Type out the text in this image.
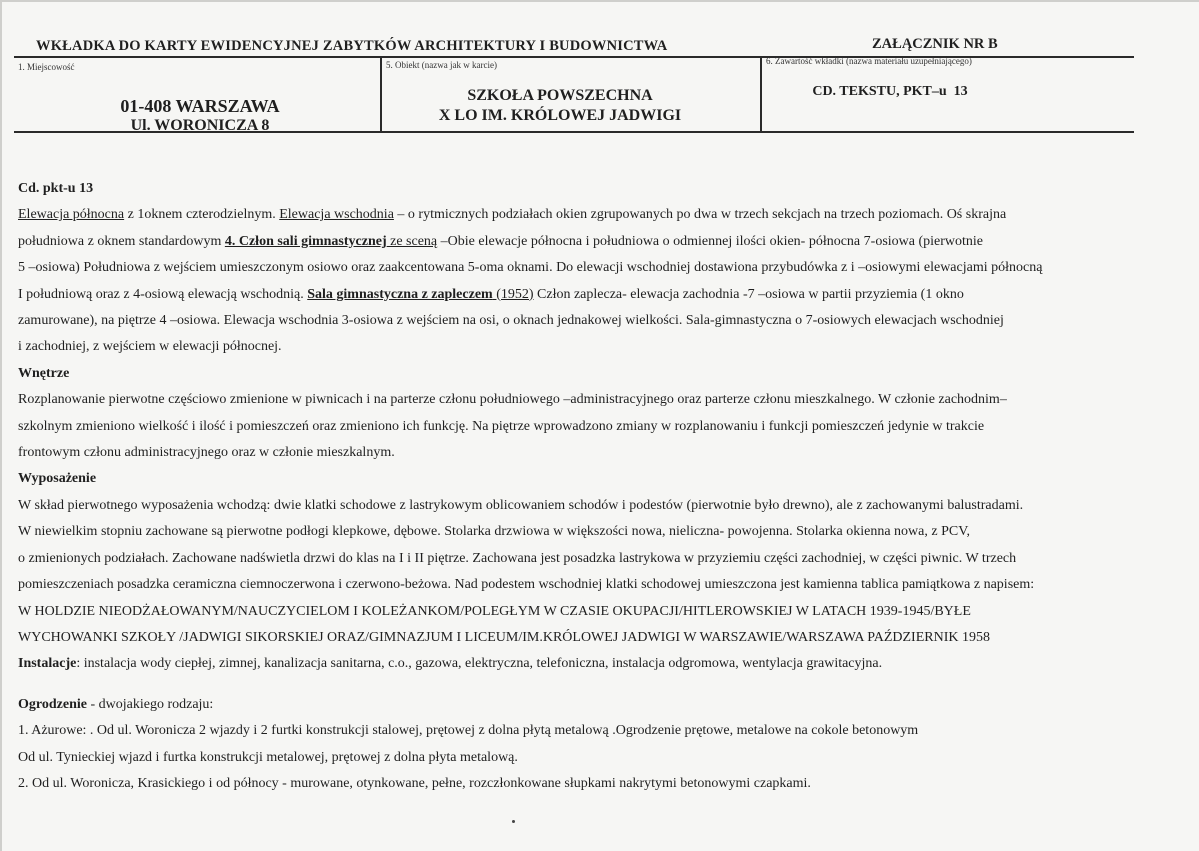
WKŁADKA DO KARTY EWIDENCYJNEJ ZABYTKÓW ARCHITEKTURY I BUDOWNICTWA	ZAŁĄCZNIK NR B
1. Miejscowość
01-408 WARSZAWA
Ul. WORONICZA 8
5. Obiekt (nazwa jak w karcie)
SZKOŁA POWSZECHNA
X LO IM. KRÓLOWEJ JADWIGI
6. Zawartość wkładki (nazwa materiału uzupełniającego)
CD. TEKSTU, PKT–u  13

Cd. pkt-u 13

Elewacja północna z 1oknem czterodzielnym. Elewacja wschodnia – o rytmicznych podziałach okien zgrupowanych po dwa w trzech sekcjach na trzech poziomach. Oś skrajna

południowa z oknem standardowym 4. Człon sali gimnastycznej ze sceną –Obie elewacje północna i południowa o odmiennej ilości okien- północna 7-osiowa (pierwotnie

5 –osiowa) Południowa z wejściem umieszczonym osiowo oraz zaakcentowana 5-oma oknami. Do elewacji wschodniej dostawiona przybudówka z i –osiowymi elewacjami północną

I południową oraz z 4-osiową elewacją wschodnią. Sala gimnastyczna z zapleczem (1952) Człon zaplecza- elewacja zachodnia -7 –osiowa w partii przyziemia (1 okno

zamurowane), na piętrze 4 –osiowa. Elewacja wschodnia 3-osiowa z wejściem na osi, o oknach jednakowej wielkości. Sala-gimnastyczna o 7-osiowych elewacjach wschodniej

i zachodniej, z wejściem w elewacji północnej.

Wnętrze

Rozplanowanie pierwotne częściowo zmienione w piwnicach i na parterze członu południowego –administracyjnego oraz parterze członu mieszkalnego. W członie zachodnim–

szkolnym zmieniono wielkość i ilość i pomieszczeń oraz zmieniono ich funkcję. Na piętrze wprowadzono zmiany w rozplanowaniu i funkcji pomieszczeń jedynie w trakcie

frontowym członu administracyjnego oraz w członie mieszkalnym.

Wyposażenie

W skład pierwotnego wyposażenia wchodzą: dwie klatki schodowe z lastrykowym oblicowaniem schodów i podestów (pierwotnie było drewno), ale z zachowanymi balustradami.

W niewielkim stopniu zachowane są pierwotne podłogi klepkowe, dębowe. Stolarka drzwiowa w większości nowa, nieliczna- powojenna. Stolarka okienna nowa, z PCV,

o zmienionych podziałach. Zachowane nadświetla drzwi do klas na I i II piętrze. Zachowana jest posadzka lastrykowa w przyziemiu części zachodniej, w części piwnic. W trzech

pomieszczeniach posadzka ceramiczna ciemnoczerwona i czerwono-beżowa. Nad podestem wschodniej klatki schodowej umieszczona jest kamienna tablica pamiątkowa z napisem:

W HOLDZIE NIEODŻAŁOWANYM/NAUCZYCIELOM I KOLEŻANKOM/POLEGŁYM W CZASIE OKUPACJI/HITLEROWSKIEJ W LATACH 1939-1945/BYŁE

WYCHOWANKI SZKOŁY /JADWIGI SIKORSKIEJ ORAZ/GIMNAZJUM I LICEUM/IM.KRÓLOWEJ JADWIGI W WARSZAWIE/WARSZAWA PAŹDZIERNIK 1958

Instalacje: instalacja wody ciepłej, zimnej, kanalizacja sanitarna, c.o., gazowa, elektryczna, telefoniczna, instalacja odgromowa, wentylacja grawitacyjna.

Ogrodzenie - dwojakiego rodzaju:

1. Ażurowe: . Od ul. Woronicza 2 wjazdy i 2 furtki konstrukcji stalowej, prętowej z dolna płytą metalową .Ogrodzenie prętowe, metalowe na cokole betonowym

Od ul. Tynieckiej wjazd i furtka konstrukcji metalowej, prętowej z dolna płyta metalową.

2. Od ul. Woronicza, Krasickiego i od północy - murowane, otynkowane, pełne, rozczłonkowane słupkami nakrytymi betonowymi czapkami.
